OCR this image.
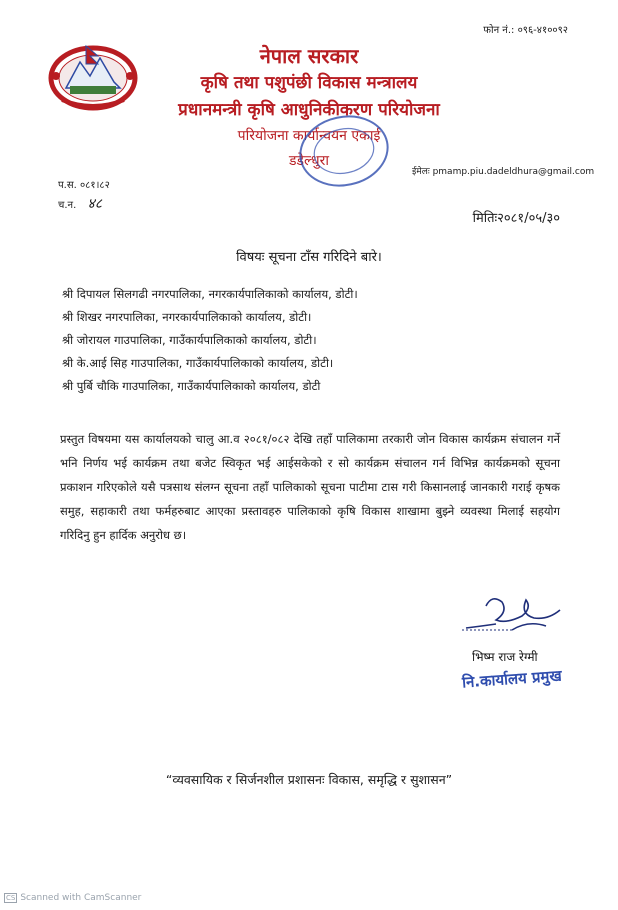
फोन नं.: ०९६-४१००९२
नेपाल सरकार
कृषि तथा पशुपंछी विकास मन्त्रालय
प्रधानमन्त्री कृषि आधुनिकीकरण परियोजना
परियोजना कार्यान्वयन एकाई
डडेल्धुरा
ईमेलः pmamp.piu.dadeldhura@gmail.com
प.स. ०८१।८२
च.न. ४८
मितिः२०८१/०५/३०
विषयः सूचना टाँस गरिदिने बारे।
श्री दिपायल सिलगढी नगरपालिका, नगरकार्यपालिकाको कार्यालय, डोटी।
श्री शिखर नगरपालिका, नगरकार्यपालिकाको कार्यालय, डोटी।
श्री जोरायल गाउपालिका, गाउँकार्यपालिकाको कार्यालय, डोटी।
श्री के.आई सिह गाउपालिका, गाउँकार्यपालिकाको कार्यालय, डोटी।
श्री पुर्बि चौकि गाउपालिका, गाउँकार्यपालिकाको कार्यालय, डोटी

प्रस्तुत विषयमा यस कार्यालयको चालु आ.व २०८१/०८२ देखि तहाँ पालिकामा तरकारी जोन विकास कार्यक्रम संचालन गर्ने भनि निर्णय भई कार्यक्रम तथा बजेट स्विकृत भई आईसकेको र सो कार्यक्रम संचालन गर्न विभिन्न कार्यक्रमको सूचना प्रकाशन गरिएकोले यसै पत्रसाथ संलग्न सूचना तहाँ पालिकाको सूचना पाटीमा टास गरी किसानलाई जानकारी गराई कृषक समुह, सहाकारी तथा फर्महरुबाट आएका प्रस्तावहरु पालिकाको कृषि विकास शाखामा बुझ्ने व्यवस्था मिलाई सहयोग गरिदिनु हुन हार्दिक अनुरोध छ।

भिष्म राज रेग्मी
नि.कार्यालय प्रमुख
“व्यवसायिक र सिर्जनशील प्रशासनः विकास, समृद्धि र सुशासन”
CS Scanned with CamScanner
